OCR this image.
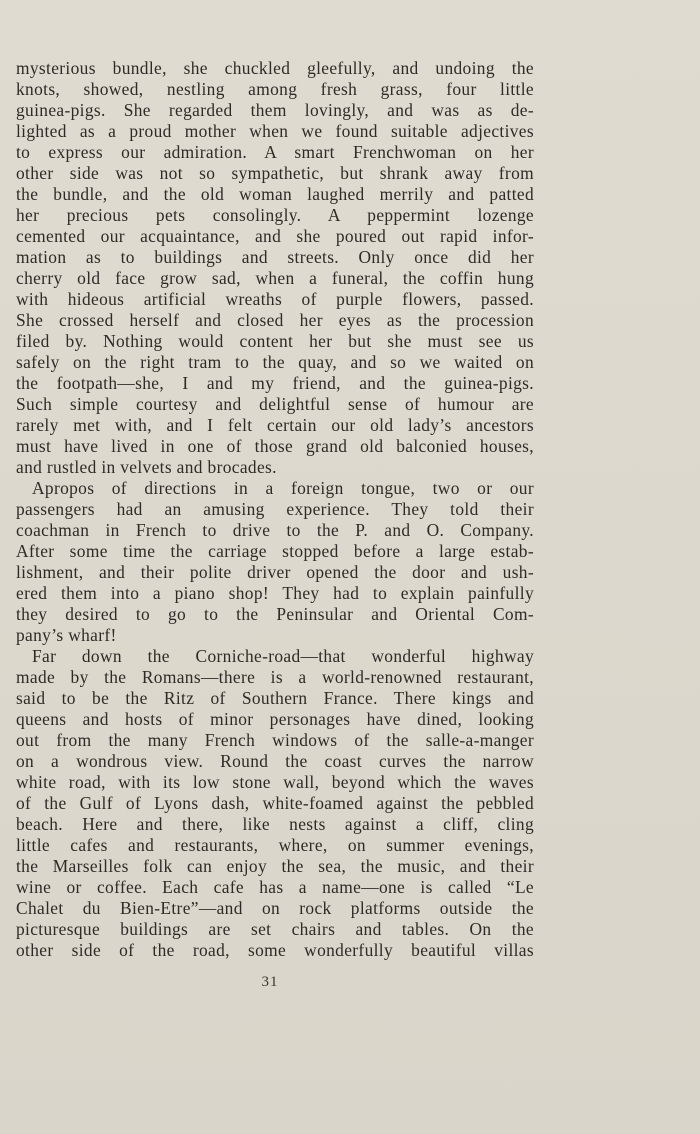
mysterious bundle, she chuckled gleefully, and undoing the
knots, showed, nestling among fresh grass, four little
guinea-pigs. She regarded them lovingly, and was as de-
lighted as a proud mother when we found suitable adjectives
to express our admiration. A smart Frenchwoman on her
other side was not so sympathetic, but shrank away from
the bundle, and the old woman laughed merrily and patted
her precious pets consolingly. A peppermint lozenge
cemented our acquaintance, and she poured out rapid infor-
mation as to buildings and streets. Only once did her
cherry old face grow sad, when a funeral, the coffin hung
with hideous artificial wreaths of purple flowers, passed.
She crossed herself and closed her eyes as the procession
filed by. Nothing would content her but she must see us
safely on the right tram to the quay, and so we waited on
the footpath—she, I and my friend, and the guinea-pigs.
Such simple courtesy and delightful sense of humour are
rarely met with, and I felt certain our old lady’s ancestors
must have lived in one of those grand old balconied houses,
and rustled in velvets and brocades.
Apropos of directions in a foreign tongue, two or our
passengers had an amusing experience. They told their
coachman in French to drive to the P. and O. Company.
After some time the carriage stopped before a large estab-
lishment, and their polite driver opened the door and ush-
ered them into a piano shop! They had to explain painfully
they desired to go to the Peninsular and Oriental Com-
pany’s wharf!
Far down the Corniche-road—that wonderful highway
made by the Romans—there is a world-renowned restaurant,
said to be the Ritz of Southern France. There kings and
queens and hosts of minor personages have dined, looking
out from the many French windows of the salle-a-manger
on a wondrous view. Round the coast curves the narrow
white road, with its low stone wall, beyond which the waves
of the Gulf of Lyons dash, white-foamed against the pebbled
beach. Here and there, like nests against a cliff, cling
little cafes and restaurants, where, on summer evenings,
the Marseilles folk can enjoy the sea, the music, and their
wine or coffee. Each cafe has a name—one is called “Le
Chalet du Bien-Etre”—and on rock platforms outside the
picturesque buildings are set chairs and tables. On the
other side of the road, some wonderfully beautiful villas
31
